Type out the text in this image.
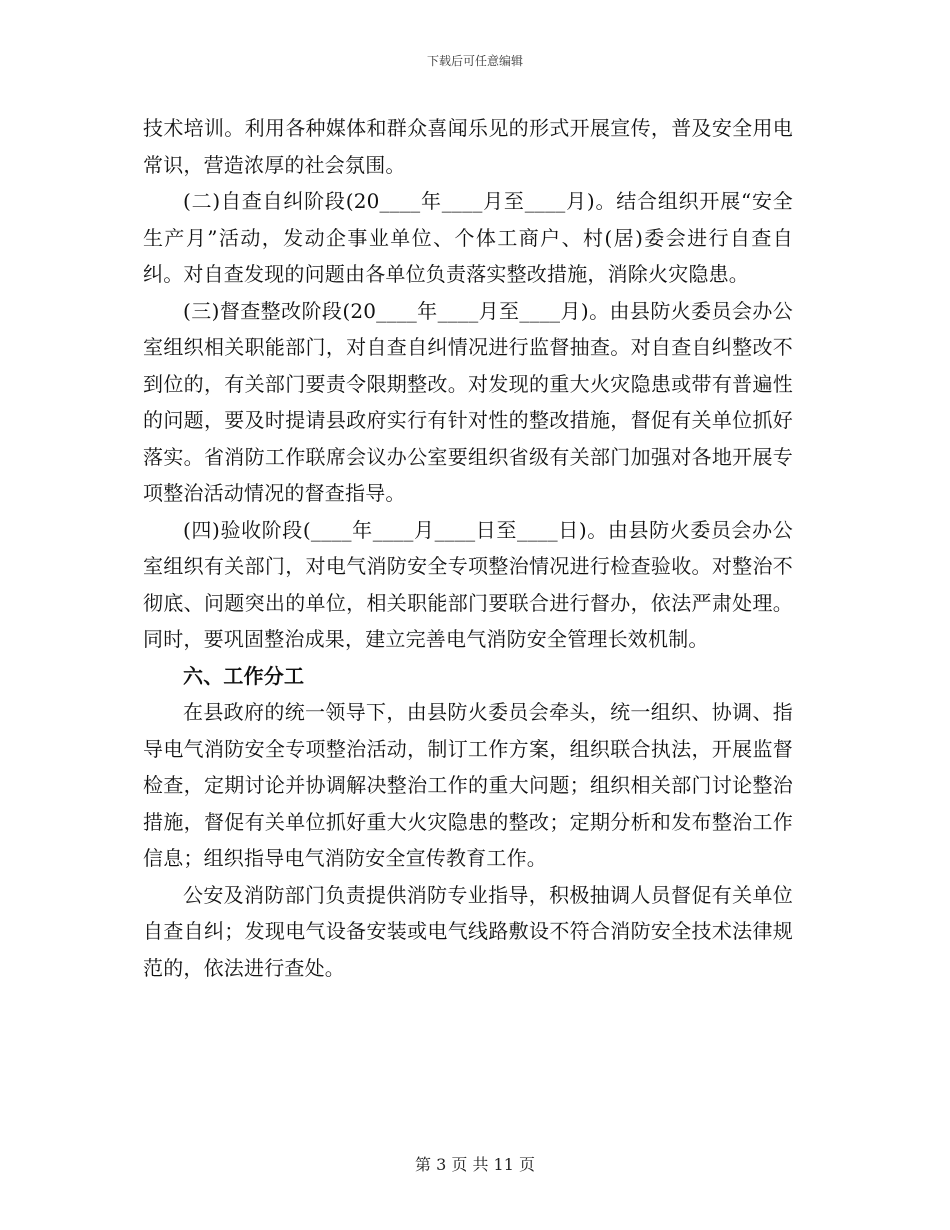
下载后可任意编辑

技术培训。利用各种媒体和群众喜闻乐见的形式开展宣传，普及安全用电常识，营造浓厚的社会氛围。

(二)自查自纠阶段(20____年____月至____月)。结合组织开展“安全生产月”活动，发动企事业单位、个体工商户、村(居)委会进行自查自纠。对自查发现的问题由各单位负责落实整改措施，消除火灾隐患。

(三)督查整改阶段(20____年____月至____月)。由县防火委员会办公室组织相关职能部门，对自查自纠情况进行监督抽查。对自查自纠整改不到位的，有关部门要责令限期整改。对发现的重大火灾隐患或带有普遍性的问题，要及时提请县政府实行有针对性的整改措施，督促有关单位抓好落实。省消防工作联席会议办公室要组织省级有关部门加强对各地开展专项整治活动情况的督查指导。

(四)验收阶段(____年____月____日至____日)。由县防火委员会办公室组织有关部门，对电气消防安全专项整治情况进行检查验收。对整治不彻底、问题突出的单位，相关职能部门要联合进行督办，依法严肃处理。同时，要巩固整治成果，建立完善电气消防安全管理长效机制。

六、工作分工

在县政府的统一领导下，由县防火委员会牵头，统一组织、协调、指导电气消防安全专项整治活动，制订工作方案，组织联合执法，开展监督检查，定期讨论并协调解决整治工作的重大问题；组织相关部门讨论整治措施，督促有关单位抓好重大火灾隐患的整改；定期分析和发布整治工作信息；组织指导电气消防安全宣传教育工作。

公安及消防部门负责提供消防专业指导，积极抽调人员督促有关单位自查自纠；发现电气设备安装或电气线路敷设不符合消防安全技术法律规范的，依法进行查处。

第 3 页 共 11 页
